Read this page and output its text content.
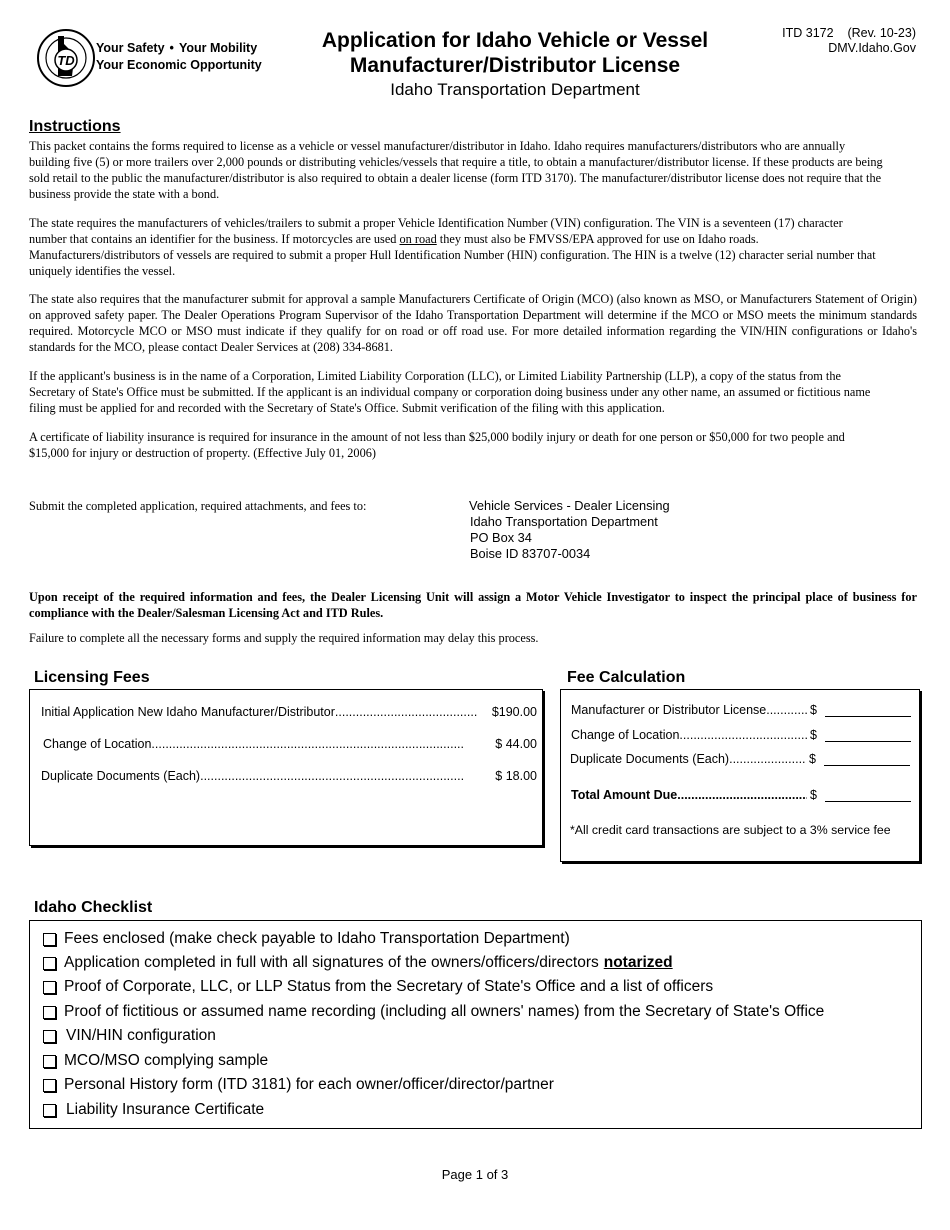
TD
Your Safety • Your Mobility
Your Economic Opportunity
Application for Idaho Vehicle or Vessel
Manufacturer/Distributor License
Idaho Transportation Department
ITD 3172    (Rev. 10-23)
DMV.Idaho.Gov
Instructions
This packet contains the forms required to license as a vehicle or vessel manufacturer/distributor in Idaho. Idaho requires manufacturers/distributors who are annually building five (5) or more trailers over 2,000 pounds or distributing vehicles/vessels that require a title, to obtain a manufacturer/distributor license. If these products are being sold retail to the public the manufacturer/distributor is also required to obtain a dealer license (form ITD 3170). The manufacturer/distributor license does not require that the business provide the state with a bond.
The state requires the manufacturers of vehicles/trailers to submit a proper Vehicle Identification Number (VIN) configuration. The VIN is a seventeen (17) character number that contains an identifier for the business. If motorcycles are used on road they must also be FMVSS/EPA approved for use on Idaho roads. Manufacturers/distributors of vessels are required to submit a proper Hull Identification Number (HIN) configuration. The HIN is a twelve (12) character serial number that uniquely identifies the vessel.
The state also requires that the manufacturer submit for approval a sample Manufacturers Certificate of Origin (MCO) (also known as MSO, or Manufacturers Statement of Origin) on approved safety paper. The Dealer Operations Program Supervisor of the Idaho Transportation Department will determine if the MCO or MSO meets the minimum standards required. Motorcycle MCO or MSO must indicate if they qualify for on road or off road use. For more detailed information regarding the VIN/HIN configurations or Idaho's standards for the MCO, please contact Dealer Services at (208) 334-8681.
If the applicant's business is in the name of a Corporation, Limited Liability Corporation (LLC), or Limited Liability Partnership (LLP), a copy of the status from the Secretary of State's Office must be submitted. If the applicant is an individual company or corporation doing business under any other name, an assumed or fictitious name filing must be applied for and recorded with the Secretary of State's Office. Submit verification of the filing with this application.
A certificate of liability insurance is required for insurance in the amount of not less than $25,000 bodily injury or death for one person or $50,000 for two people and $15,000 for injury or destruction of property. (Effective July 01, 2006)
Submit the completed application, required attachments, and fees to:	Vehicle Services - Dealer Licensing
Idaho Transportation Department
PO Box 34
Boise ID 83707-0034
Upon receipt of the required information and fees, the Dealer Licensing Unit will assign a Motor Vehicle Investigator to inspect the principal place of business for compliance with the Dealer/Salesman Licensing Act and ITD Rules.
Failure to complete all the necessary forms and supply the required information may delay this process.
Licensing Fees
Initial Application New Idaho Manufacturer/Distributor .....	$190.00
Change of Location .....	$ 44.00
Duplicate Documents (Each) .....	$ 18.00
Fee Calculation
Manufacturer or Distributor License .....	$
Change of Location .....	$
Duplicate Documents (Each) .....	$
Total Amount Due .....	$
*All credit card transactions are subject to a 3% service fee
Idaho Checklist
Fees enclosed (make check payable to Idaho Transportation Department)
Application completed in full with all signatures of the owners/officers/directors notarized
Proof of Corporate, LLC, or LLP Status from the Secretary of State's Office and a list of officers
Proof of fictitious or assumed name recording (including all owners' names) from the Secretary of State's Office
VIN/HIN configuration
MCO/MSO complying sample
Personal History form (ITD 3181) for each owner/officer/director/partner
Liability Insurance Certificate
Page 1 of 3
